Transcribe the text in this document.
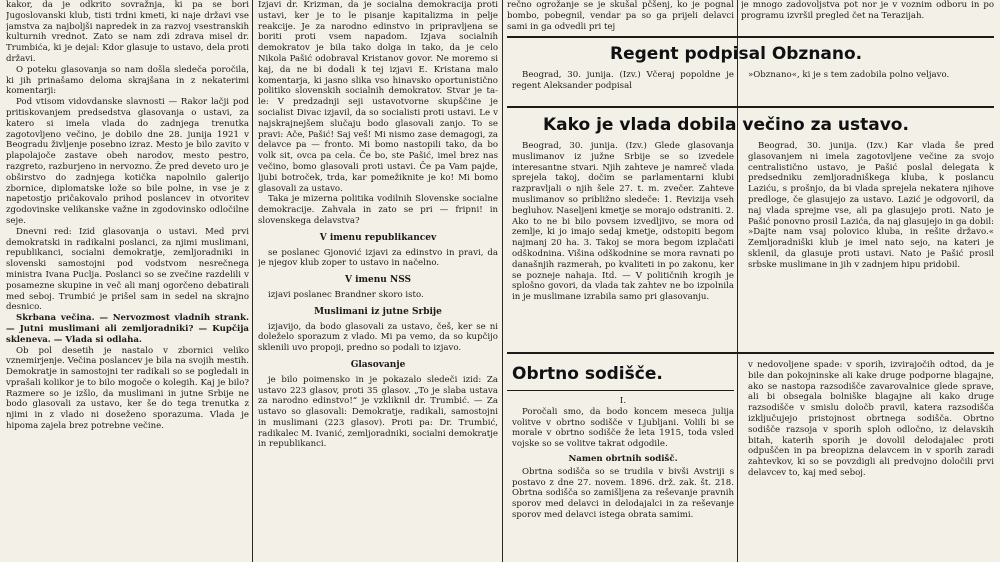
kakor, da je odkrito sovražnja, ki pa se bori Jugoslovanski klub, tisti trdni kmeti, ki naje državi vse jamstva za najboljši napredek in za razvoj vsestranskih kulturnih vrednot. Zato se nam zdi zdrava misel dr. Trumbića, ki je dejal: Kdor glasuje to ustavo, dela proti državi.

O poteku glasovanja so nam došla sledeča poročila, ki jih prinašamo deloma skrajšana in z nekaterimi komentarji:

Pod vtisom vidovdanske slavnosti — Rakor lačji pod pritiskovanjem predsedstva glasovanja o ustavi, za katero si imela vlada do zadnjega trenutka zagotovljeno večino, je dobilo dne 28. junija 1921 v Beogradu življenje posebno izraz. Mesto je bilo zavito v plapolajoče zastave obeh narodov, mesto pestro, razgreto, razburjeno in nervozno. Že pred deveto uro je obširstvo do zadnjega kotička napolnilo galerijo zbornice, diplomatske lože so bile polne, in vse je z napetostjo pričakovalo prihod poslancev in otvoritev zgodovinske velikanske važne in zgodovinsko odločilne seje.

Dnevni red: Izid glasovanja o ustavi. Med prvi demokratski in radikalni poslanci, za njimi muslimani, republikanci, socialni demokratje, zemljoradniki in slovenski samostojni pod vodstvom nesrečnega ministra Ivana Puclja. Poslanci so se zvečine razdelili v posamezne skupine in več ali manj ogorčeno debatirali med seboj. Trumbić je prišel sam in sedel na skrajno desnico.

Skrbana večina. — Nervozmost vladnih strank. — Jutni muslimani ali zemljoradniki? — Kupčija skleneva. — Vlada si odlaha.

Ob pol desetih je nastalo v zbornici veliko vznemirjenje. Večina poslancev je bila na svojih mestih. Demokratje in samostojni ter radikali so se pogledali in vprašali kolikor je to bilo mogoče o kolegih. Kaj je bilo? Razmere so je izšlo, da muslimani in jutne Srbije ne bodo glasovali za ustavo, ker še do tega trenutka z njimi in z vlado ni doseženo sporazuma. Vlada je hipoma zajela brez potrebne večine.

Izjavi dr. Krizman, da je socialna demokracija proti ustavi, ker je to le pisanje kapitalizma in pelje reakcije. Je za narodno edinstvo in pripravljena se boriti proti vsem napadom. Izjava socialnih demokratov je bila tako dolga in tako, da je celo Nikola Pašić odobraval Kristanov govor. Ne moremo si kaj, da ne bi dodali k tej izjavi E. Kristana malo komentarja, ki jasno slika vso hinavsko oportunistično politiko slovenskih socialnih demokratov. Stvar je ta-le: V predzadnji seji ustavotvorne skupščine je socialist Divac izjavil, da so socialisti proti ustavi. Le v najskrajnejšem slučaju bodo glasovali zanjo. To se pravi: Ače, Pašić! Saj veš! Mi nismo zase demagogi, za delavce pa — fronto. Mi bomo nastopili tako, da bo volk sit, ovca pa cela. Če bo, ste Pašić, imel brez nas večino, bomo glasovali proti ustavi. Če pa Vam pajde, ljubi botroček, trda, kar pomežiknite je ko! Mi bomo glasovali za ustavo.

Taka je mizerna politika vodilnih Slovenske socialne demokracije. Zahvala in zato se pri — fripni! in slovenskega delavstva?

V imenu republikancev

se poslanec Gjonović izjavi za edinstvo in pravi, da je njegov klub zoper to ustavo in načelno.

V imenu NSS

izjavi poslanec Brandner skoro isto.

Muslimani iz jutne Srbije

izjavijo, da bodo glasovali za ustavo, češ, ker se ni doleželo sporazum z vlado. Mi pa vemo, da so kupčijo sklenili uvo propoji, predno so podali to izjavo.

Glasovanje

je bilo poimensko in je pokazalo sledeči izid: Za ustavo 223 glasov, proti 35 glasov. „To je slaba ustava za narodno edinstvo!“ je vzkliknil dr. Trumbić. — Za ustavo so glasovali: Demokratje, radikali, samostojni in muslimani (223 glasov). Proti pa: Dr. Trumbić, radikalec M. Ivanić, zemljoradniki, socialni demokratje in republikanci.

rečno ogrožanje se je skušal pčšenj, ko je pognal bombo, pobegnil, vendar pa so ga prijeli delavci sami in ga odvedli pri tej

je mnogo zadovoljstva pot nor je v voznim odboru in po programu izvršil pregled čet na Terazijah.

Regent podpisal Obznano.

Beograd, 30. junija. (Izv.) Včeraj popoldne je regent Aleksander podpisal

»Obznano«, ki je s tem zadobila polno veljavo.

Kako je vlada dobila večino za ustavo.

Beograd, 30. junija. (Izv.) Glede glasovanja muslimanov iz južne Srbije se so izvedele interesantne stvari. Njih zahteve je namreč vlada sprejela takoj, dočim se parlamentarni klubi razpravljali o njih šele 27. t. m. zvečer. Zahteve muslimanov so približno sledeče: 1. Revizija vseh begluhov. Naseljeni kmetje se morajo odstraniti. 2. Ako to ne bi bilo povsem izvedljivo, se mora od zemlje, ki jo imajo sedaj kmetje, odstopiti begom najmanj 20 ha. 3. Takoj se mora begom izplačati odškodnina. Višina odškodnine se mora ravnati po današnjih razmerah, po kvaliteti in po zakonu, ker se pozneje nahaja. Itd. — V političnih krogih je splošno govori, da vlada tak zahtev ne bo izpolnila in je muslimane izrabila samo pri glasovanju.

Beograd, 30. junija. (Izv.) Kar vlada še pred glasovanjem ni imela zagotovljene večine za svojo centralistično ustavo, je Pašić poslal delegata k predsedniku zemljoradniškega kluba, k poslancu Laziću, s prošnjo, da bi vlada sprejela nekatera njihove predloge, če glasujejo za ustavo. Lazić je odgovoril, da naj vlada sprejme vse, ali pa glasujejo proti. Nato je Pašić ponovno prosil Lazića, da naj glasujejo in ga dobil: »Dajte nam vsaj polovico kluba, in rešite državo.« Zemljoradniški klub je imel nato sejo, na kateri je sklenil, da glasuje proti ustavi. Nato je Pašić prosil srbske muslimane in jih v zadnjem hipu pridobil.

Obrtno sodišče.

I.

Poročali smo, da bodo koncem meseca julija volitve v obrtno sodišče v Ljubljani. Volili bi se morale v obrtno sodišče že leta 1915, toda vsled vojske so se volitve takrat odgodile.

Namen obrtnih sodišč.

Obrtna sodišča so se trudila v bivši Avstriji s postavo z dne 27. novem. 1896. drž. zak. št. 218. Obrtna sodišča so zamišljena za reševanje pravnih sporov med delavci in delodajalci in za reševanje sporov med delavci istega obrata samimi.

v nedovoljene spade: v sporih, izvirajočih odtod, da je bile dan pokojninske ali kake druge podporne blagajne, ako se nastopa razsodišče zavarovalnice glede sprave, ali bi obsegala bolniške blagajne ali kako druge razsodišče v smislu določb pravil, katera razsodišča izključujejo pristojnost obrtnega sodišča. Obrtno sodišče razsoja v sporih sploh odločno, iz delavskih bitah, katerih sporih je dovolil delodajalec proti odpuščen in pa breopizna delavcem in v sporih zaradi zahtevkov, ki so se povzdigli ali predvojno določili prvi delavcev to, kaj med seboj.
